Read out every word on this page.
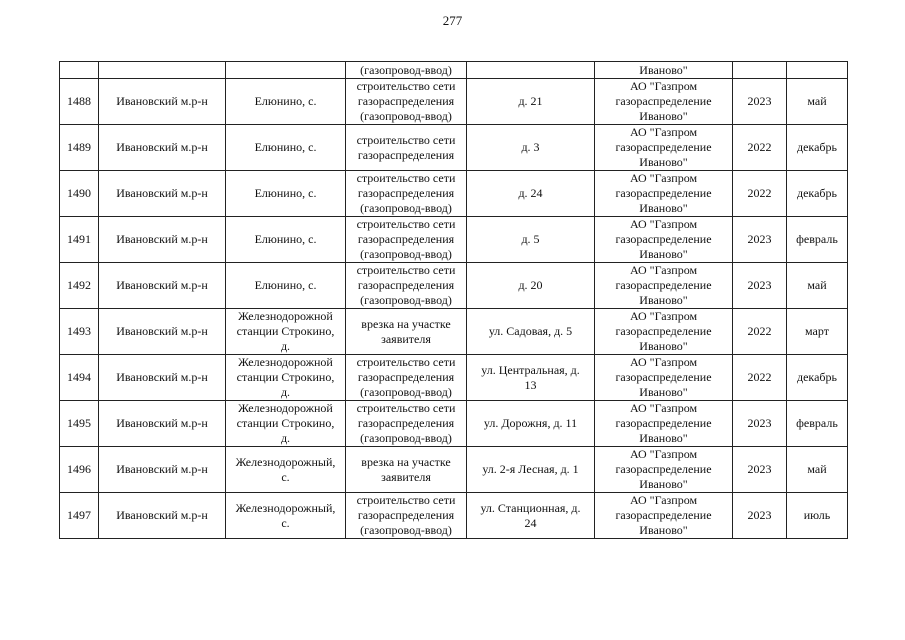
277
			(газопровод-ввод)		Иваново"		
1488	Ивановский м.р-н	Елюнино, с.	строительство сети
газораспределения
(газопровод-ввод)	д. 21	АО "Газпром
газораспределение
Иваново"	2023	май
1489	Ивановский м.р-н	Елюнино, с.	строительство сети
газораспределения	д. 3	АО "Газпром
газораспределение
Иваново"	2022	декабрь
1490	Ивановский м.р-н	Елюнино, с.	строительство сети
газораспределения
(газопровод-ввод)	д. 24	АО "Газпром
газораспределение
Иваново"	2022	декабрь
1491	Ивановский м.р-н	Елюнино, с.	строительство сети
газораспределения
(газопровод-ввод)	д. 5	АО "Газпром
газораспределение
Иваново"	2023	февраль
1492	Ивановский м.р-н	Елюнино, с.	строительство сети
газораспределения
(газопровод-ввод)	д. 20	АО "Газпром
газораспределение
Иваново"	2023	май
1493	Ивановский м.р-н	Железнодорожной
станции Строкино,
д.	врезка на участке
заявителя	ул. Садовая, д. 5	АО "Газпром
газораспределение
Иваново"	2022	март
1494	Ивановский м.р-н	Железнодорожной
станции Строкино,
д.	строительство сети
газораспределения
(газопровод-ввод)	ул. Центральная, д.
13	АО "Газпром
газораспределение
Иваново"	2022	декабрь
1495	Ивановский м.р-н	Железнодорожной
станции Строкино,
д.	строительство сети
газораспределения
(газопровод-ввод)	ул. Дорожня, д. 11	АО "Газпром
газораспределение
Иваново"	2023	февраль
1496	Ивановский м.р-н	Железнодорожный,
с.	врезка на участке
заявителя	ул. 2-я Лесная, д. 1	АО "Газпром
газораспределение
Иваново"	2023	май
1497	Ивановский м.р-н	Железнодорожный,
с.	строительство сети
газораспределения
(газопровод-ввод)	ул. Станционная, д.
24	АО "Газпром
газораспределение
Иваново"	2023	июль
